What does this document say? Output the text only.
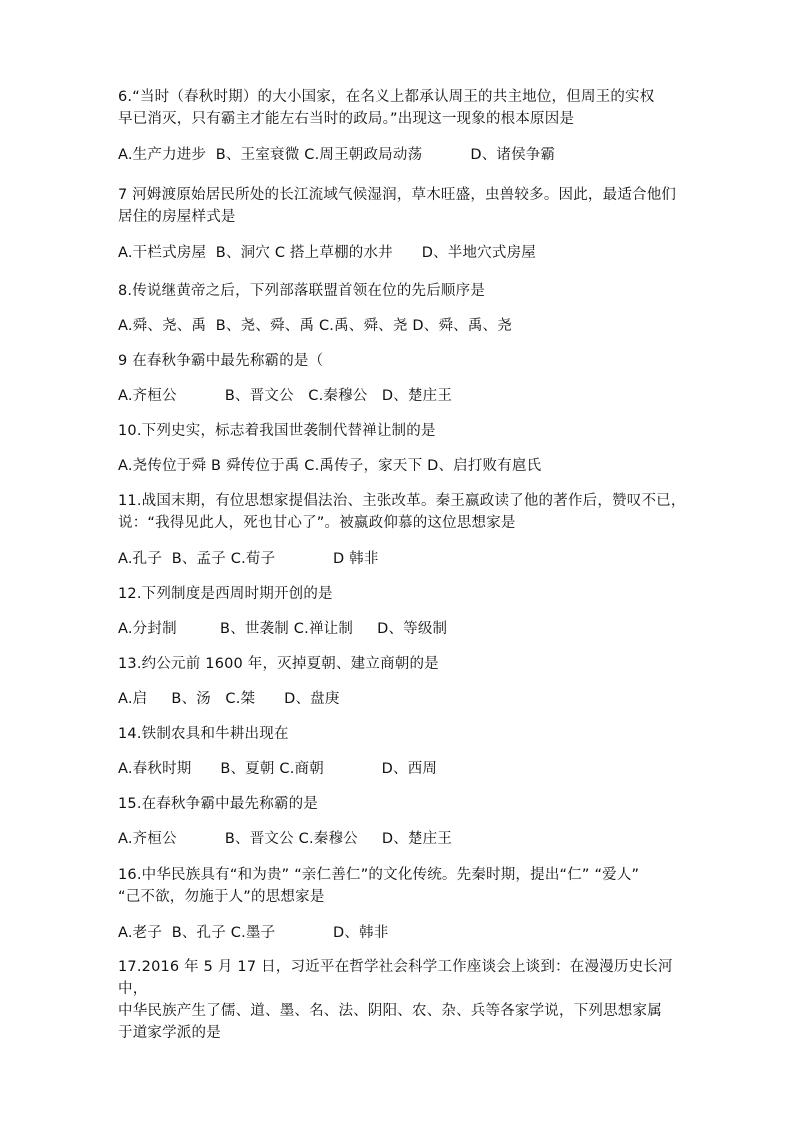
6.“当时（春秋时期）的大小国家，在名义上都承认周王的共主地位，但周王的实权
早已消灭，只有霸主才能左右当时的政局。”出现这一现象的根本原因是
A.生产力进步  B、王室衰微 C.周王朝政局动荡          D、诸侯争霸
7 河姆渡原始居民所处的长江流域气候湿润，草木旺盛，虫兽较多。因此，最适合他们
居住的房屋样式是
A.干栏式房屋  B、洞穴 C 搭上草棚的水井      D、半地穴式房屋
8.传说继黄帝之后，下列部落联盟首领在位的先后顺序是
A.舜、尧、禹  B、尧、舜、禹 C.禹、舜、尧 D、舜、禹、尧
9 在春秋争霸中最先称霸的是（
A.齐桓公          B、晋文公   C.秦穆公   D、楚庄王
10.下列史实，标志着我国世袭制代替禅让制的是
A.尧传位于舜 B 舜传位于禹 C.禹传子，家天下 D、启打败有扈氏
11.战国末期，有位思想家提倡法治、主张改革。秦王嬴政读了他的著作后，赞叹不已，
说：“我得见此人，死也甘心了”。被嬴政仰慕的这位思想家是
A.孔子  B、孟子 C.荀子            D 韩非
12.下列制度是西周时期开创的是
A.分封制         B、世袭制 C.禅让制     D、等级制
13.约公元前 1600 年，灭掉夏朝、建立商朝的是
A.启     B、汤   C.桀      D、盘庚
14.铁制农具和牛耕出现在
A.春秋时期      B、夏朝 C.商朝            D、西周
15.在春秋争霸中最先称霸的是
A.齐桓公          B、晋文公 C.秦穆公     D、楚庄王
16.中华民族具有“和为贵” “亲仁善仁”的文化传统。先秦时期，提出“仁” “爱人”
“己不欲，勿施于人”的思想家是
A.老子  B、孔子 C.墨子            D、韩非
17.2016 年 5 月 17 日，习近平在哲学社会科学工作座谈会上谈到：在漫漫历史长河中，
中华民族产生了儒、道、墨、名、法、阴阳、农、杂、兵等各家学说，下列思想家属
于道家学派的是
